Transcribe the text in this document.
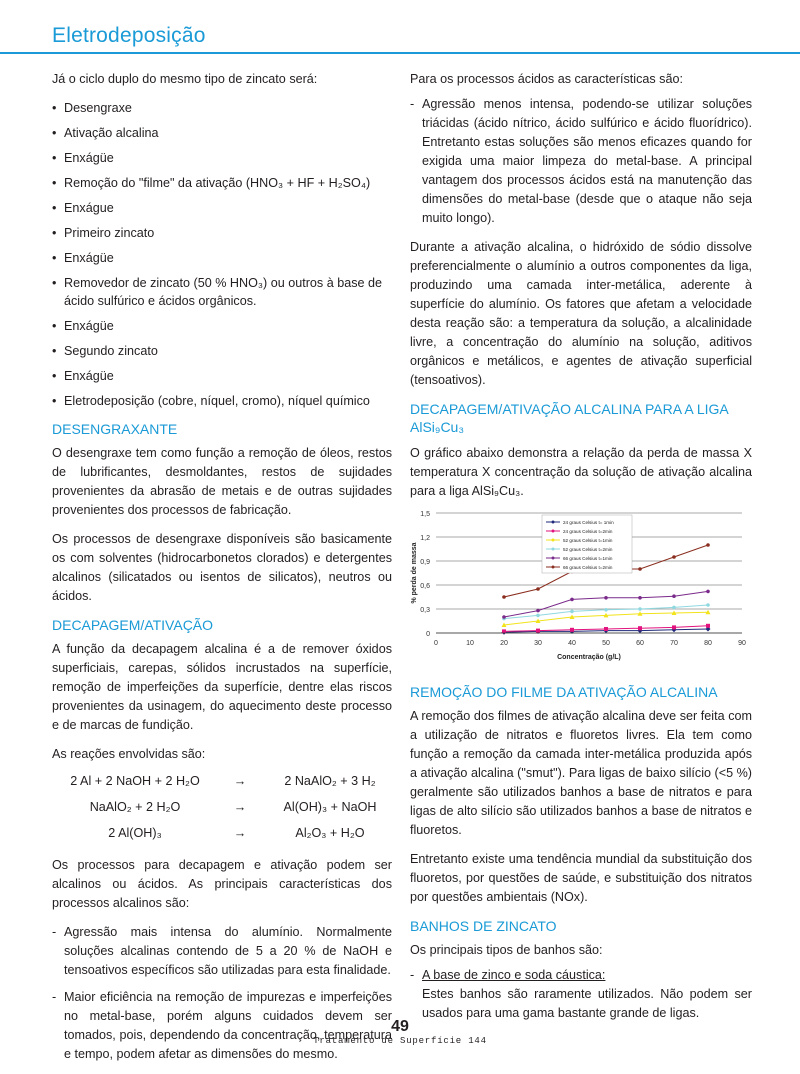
Eletrodeposição

Já o ciclo duplo do mesmo tipo de zincato será:

• Desengraxe
• Ativação alcalina
• Enxágüe
• Remoção do "filme" da ativação (HNO₃ + HF + H₂SO₄)
• Enxágue
• Primeiro zincato
• Enxágüe
• Removedor de zincato (50 % HNO₃) ou outros à base de ácido sulfúrico e ácidos orgânicos.
• Enxágüe
• Segundo zincato
• Enxágüe
• Eletrodeposição (cobre, níquel, cromo), níquel químico
DESENGRAXANTE

O desengraxe tem como função a remoção de óleos, restos de lubrificantes, desmoldantes, restos de sujidades provenientes da abrasão de metais e de outras sujidades provenientes dos processos de fabricação.

Os processos de desengraxe disponíveis são basicamente os com solventes (hidrocarbonetos clorados) e detergentes alcalinos (silicatados ou isentos de silicatos), neutros ou ácidos.

DECAPAGEM/ATIVAÇÃO

A função da decapagem alcalina é a de remover óxidos superficiais, carepas, sólidos incrustados na superfície, remoção de imperfeições da superfície, dentre elas riscos provenientes da usinagem, do aquecimento deste processo e de marcas de fundição.

As reações envolvidas são:

2 Al + 2 NaOH + 2 H₂O	→	2 NaAlO₂ + 3 H₂
NaAlO₂ + 2 H₂O	→	Al(OH)₃ + NaOH
2 Al(OH)₃	→	Al₂O₃ + H₂O

Os processos para decapagem e ativação podem ser alcalinos ou ácidos. As principais características dos processos alcalinos são:

- Agressão mais intensa do alumínio. Normalmente soluções alcalinas contendo de 5 a 20 % de NaOH e tensoativos específicos são utilizadas para esta finalidade.
- Maior eficiência na remoção de impurezas e imperfeições no metal-base, porém alguns cuidados devem ser tomados, pois, dependendo da concentração, temperatura e tempo, podem afetar as dimensões do mesmo.

Para os processos ácidos as características são:

- Agressão menos intensa, podendo-se utilizar soluções triácidas (ácido nítrico, ácido sulfúrico e ácido fluorídrico). Entretanto estas soluções são menos eficazes quando for exigida uma maior limpeza do metal-base. A principal vantagem dos processos ácidos está na manutenção das dimensões do metal-base (desde que o ataque não seja muito longo).

Durante a ativação alcalina, o hidróxido de sódio dissolve preferencialmente o alumínio a outros componentes da liga, produzindo uma camada inter-metálica, aderente à superfície do alumínio. Os fatores que afetam a velocidade desta reação são: a temperatura da solução, a alcalinidade livre, a concentração do alumínio na solução, aditivos orgânicos e metálicos, e agentes de ativação superficial (tensoativos).

DECAPAGEM/ATIVAÇÃO ALCALINA PARA A LIGA
AlSi₉Cu₃

O gráfico abaixo demonstra a relação da perda de massa X temperatura X concentração da solução de ativação alcalina para a liga AlSi₉Cu₃.

0
0,3
0,6
0,9
1,2
1,5
0	10	20	30	40	50	60	70	80	90
Concentração (g/L)
% perda de massa
24 graus Celsius t= 1min
24 graus Celsius t=2min
52 graus Celsius t=1min
52 graus Celsius t=2min
66 graus Celsius t=1min
66 graus Celsius t=2min
REMOÇÃO DO FILME DA ATIVAÇÃO ALCALINA

A remoção dos filmes de ativação alcalina deve ser feita com a utilização de nitratos e fluoretos livres. Ela tem como função a remoção da camada inter-metálica produzida após a ativação alcalina ("smut"). Para ligas de baixo silício (<5 %) geralmente são utilizados banhos a base de nitratos e para ligas de alto silício são utilizados banhos a base de nitratos e fluoretos.

Entretanto existe uma tendência mundial da substituição dos fluoretos, por questões de saúde, e substituição dos nitratos por questões ambientais (NOx).

BANHOS DE ZINCATO

Os principais tipos de banhos são:

- A base de zinco e soda cáustica:
Estes banhos são raramente utilizados. Não podem ser usados para uma gama bastante grande de ligas.
49
Tratamento de Superfície 144
